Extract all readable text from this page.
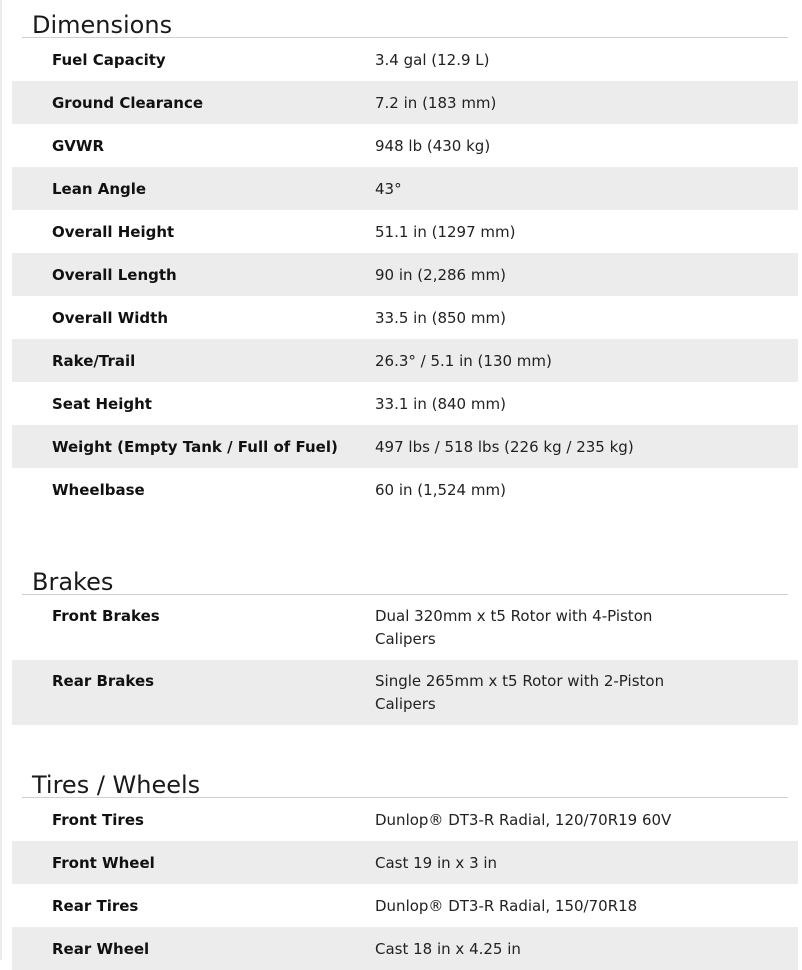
Dimensions
Fuel Capacity	3.4 gal (12.9 L)
Ground Clearance	7.2 in (183 mm)
GVWR	948 lb (430 kg)
Lean Angle	43°
Overall Height	51.1 in (1297 mm)
Overall Length	90 in (2,286 mm)
Overall Width	33.5 in (850 mm)
Rake/Trail	26.3° / 5.1 in (130 mm)
Seat Height	33.1 in (840 mm)
Weight (Empty Tank / Full of Fuel)	497 lbs / 518 lbs (226 kg / 235 kg)
Wheelbase	60 in (1,524 mm)
Brakes
Front Brakes	Dual 320mm x t5 Rotor with 4-Piston Calipers
Rear Brakes	Single 265mm x t5 Rotor with 2-Piston Calipers
Tires / Wheels
Front Tires	Dunlop® DT3-R Radial, 120/70R19 60V
Front Wheel	Cast 19 in x 3 in
Rear Tires	Dunlop® DT3-R Radial, 150/70R18
Rear Wheel	Cast 18 in x 4.25 in
